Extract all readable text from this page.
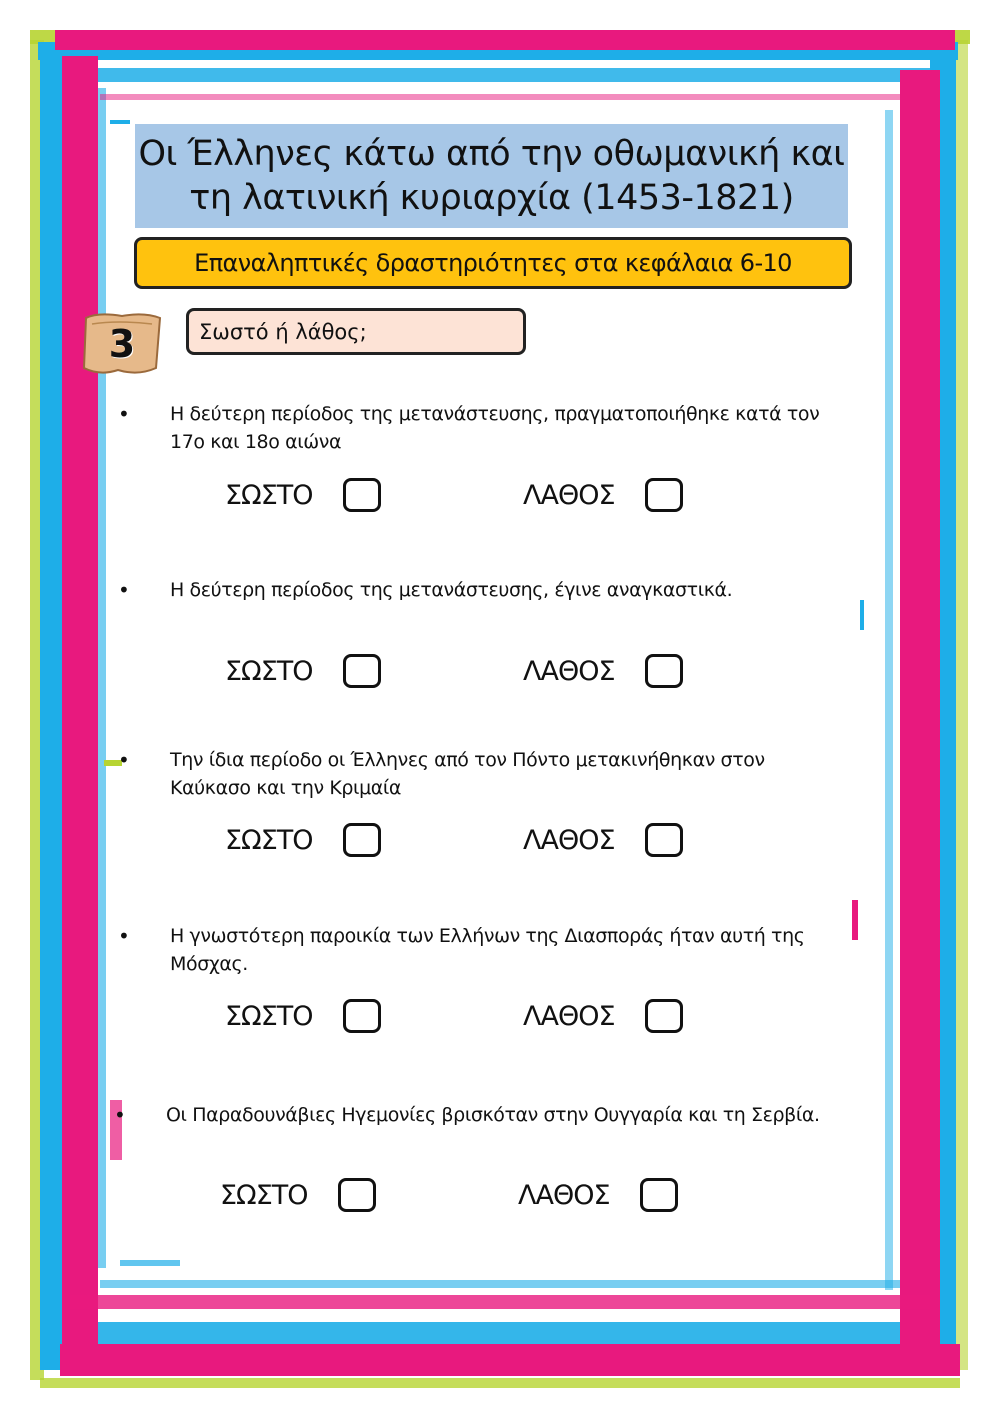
Οι Έλληνες κάτω από την οθωμανική και
τη λατινική κυριαρχία (1453-1821)
Επαναληπτικές δραστηριότητες στα κεφάλαια 6-10
3	Σωστό ή λάθος;
• Η δεύτερη περίοδος της μετανάστευσης, πραγματοποιήθηκε κατά τον
17ο και 18ο αιώνα
ΣΩΣΤΟ	ΛΑΘΟΣ
• Η δεύτερη περίοδος της μετανάστευσης, έγινε αναγκαστικά.
ΣΩΣΤΟ	ΛΑΘΟΣ
• Την ίδια περίοδο οι Έλληνες από τον Πόντο μετακινήθηκαν στον
Καύκασο και την Κριμαία
ΣΩΣΤΟ	ΛΑΘΟΣ
• Η γνωστότερη παροικία των Ελλήνων της Διασποράς ήταν αυτή της
Μόσχας.
ΣΩΣΤΟ	ΛΑΘΟΣ
• Οι Παραδουνάβιες Ηγεμονίες βρισκόταν στην Ουγγαρία και τη Σερβία.
ΣΩΣΤΟ	ΛΑΘΟΣ
